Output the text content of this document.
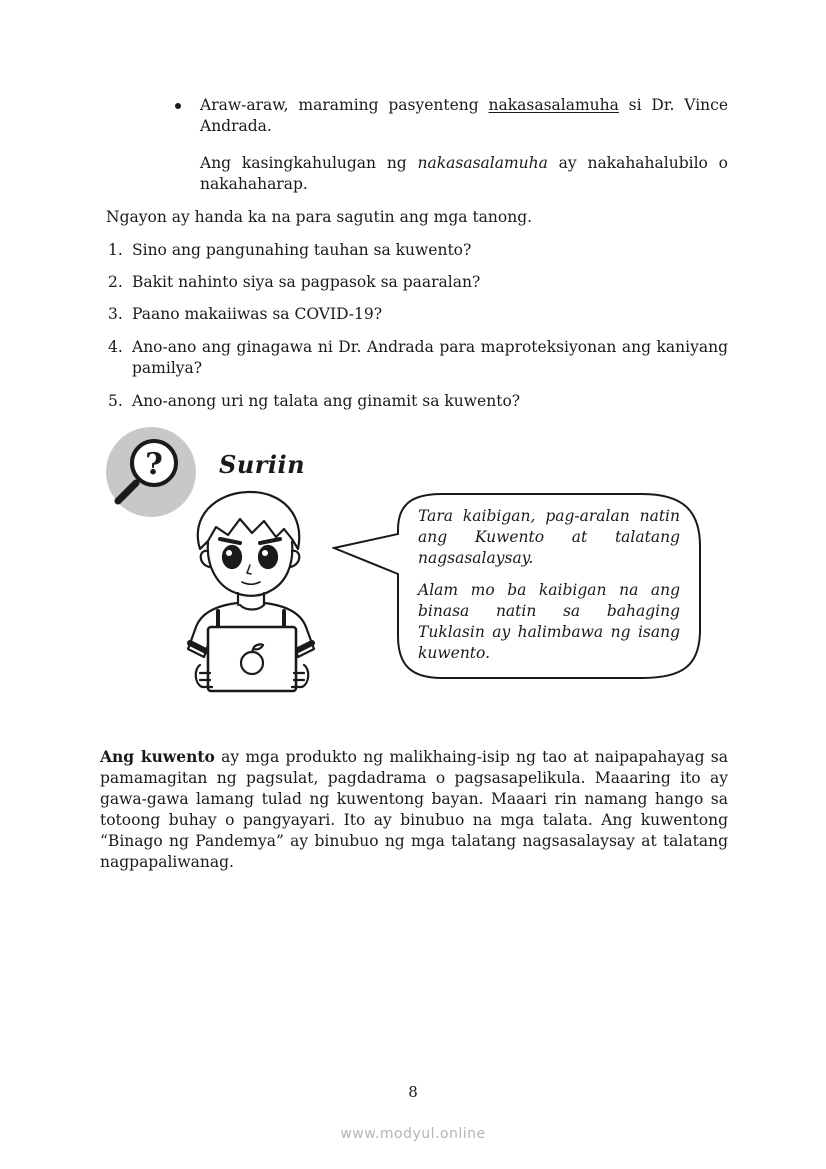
Araw-araw, maraming pasyenteng nakasasalamuha si Dr. Vince Andrada.
Ang kasingkahulugan ng nakasasalamuha ay nakahahalubilo o nakahaharap.
Ngayon ay handa ka na para sagutin ang mga tanong.
1. Sino ang pangunahing tauhan sa kuwento?
2. Bakit nahinto siya sa pagpasok sa paaralan?
3. Paano makaiiwas sa COVID-19?
4. Ano-ano ang ginagawa ni Dr. Andrada para maproteksiyonan ang kaniyang pamilya?
5. Ano-anong uri ng talata ang ginamit sa kuwento?
? Suriin
Tara kaibigan, pag-aralan natin ang Kuwento at talatang nagsasalaysay.
Alam mo ba kaibigan na ang binasa natin sa bahaging Tuklasin ay halimbawa ng isang kuwento.
Ang kuwento ay mga produkto ng malikhaing-isip ng tao at naipapahayag sa pamamagitan ng pagsulat, pagdadrama o pagsasapelikula. Maaaring ito ay gawa-gawa lamang tulad ng kuwentong bayan. Maaari rin namang hango sa totoong buhay o pangyayari. Ito ay binubuo na mga talata. Ang kuwentong “Binago ng Pandemya” ay binubuo ng mga talatang nagsasalaysay at talatang nagpapaliwanag.
8
www.modyul.online
